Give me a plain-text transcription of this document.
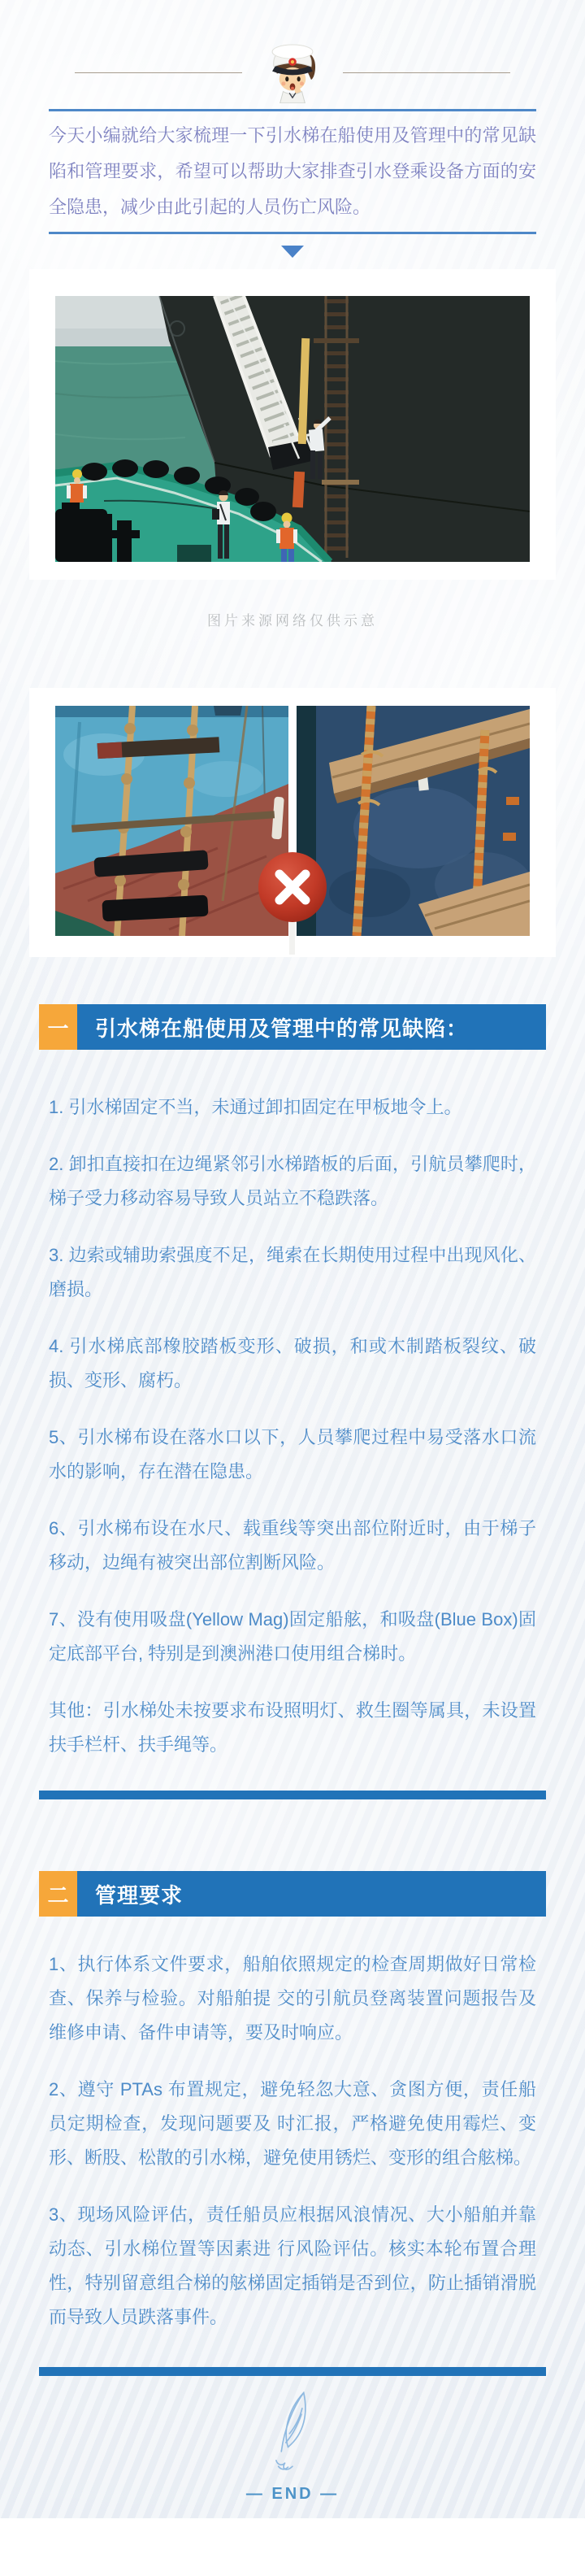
今天小编就给大家梳理一下引水梯在船使用及管理中的常见缺陷和管理要求，希望可以帮助大家排查引水登乘设备方面的安全隐患，减少由此引起的人员伤亡风险。

图片来源网络仅供示意

一	引水梯在船使用及管理中的常见缺陷：

1. 引水梯固定不当，未通过卸扣固定在甲板地令上。

2. 卸扣直接扣在边绳紧邻引水梯踏板的后面，引航员攀爬时，梯子受力移动容易导致人员站立不稳跌落。

3. 边索或辅助索强度不足，绳索在长期使用过程中出现风化、磨损。

4. 引水梯底部橡胶踏板变形、破损，和或木制踏板裂纹、破损、变形、腐朽。

5、引水梯布设在落水口以下，人员攀爬过程中易受落水口流水的影响，存在潜在隐患。

6、引水梯布设在水尺、载重线等突出部位附近时，由于梯子移动，边绳有被突出部位割断风险。

7、没有使用吸盘(Yellow Mag)固定船舷，和吸盘(Blue Box)固定底部平台, 特别是到澳洲港口使用组合梯时。

其他：引水梯处未按要求布设照明灯、救生圈等属具，未设置扶手栏杆、扶手绳等。

二	管理要求

1、执行体系文件要求，船舶依照规定的检查周期做好日常检查、保养与检验。对船舶提 交的引航员登离装置问题报告及维修申请、备件申请等，要及时响应。

2、遵守 PTAs 布置规定，避免轻忽大意、贪图方便，责任船员定期检查，发现问题要及 时汇报，严格避免使用霉烂、变形、断股、松散的引水梯，避免使用锈烂、变形的组合舷梯。

3、现场风险评估，责任船员应根据风浪情况、大小船舶并靠动态、引水梯位置等因素进 行风险评估。核实本轮布置合理性，特别留意组合梯的舷梯固定插销是否到位，防止插销滑脱而导致人员跌落事件。

— END —
